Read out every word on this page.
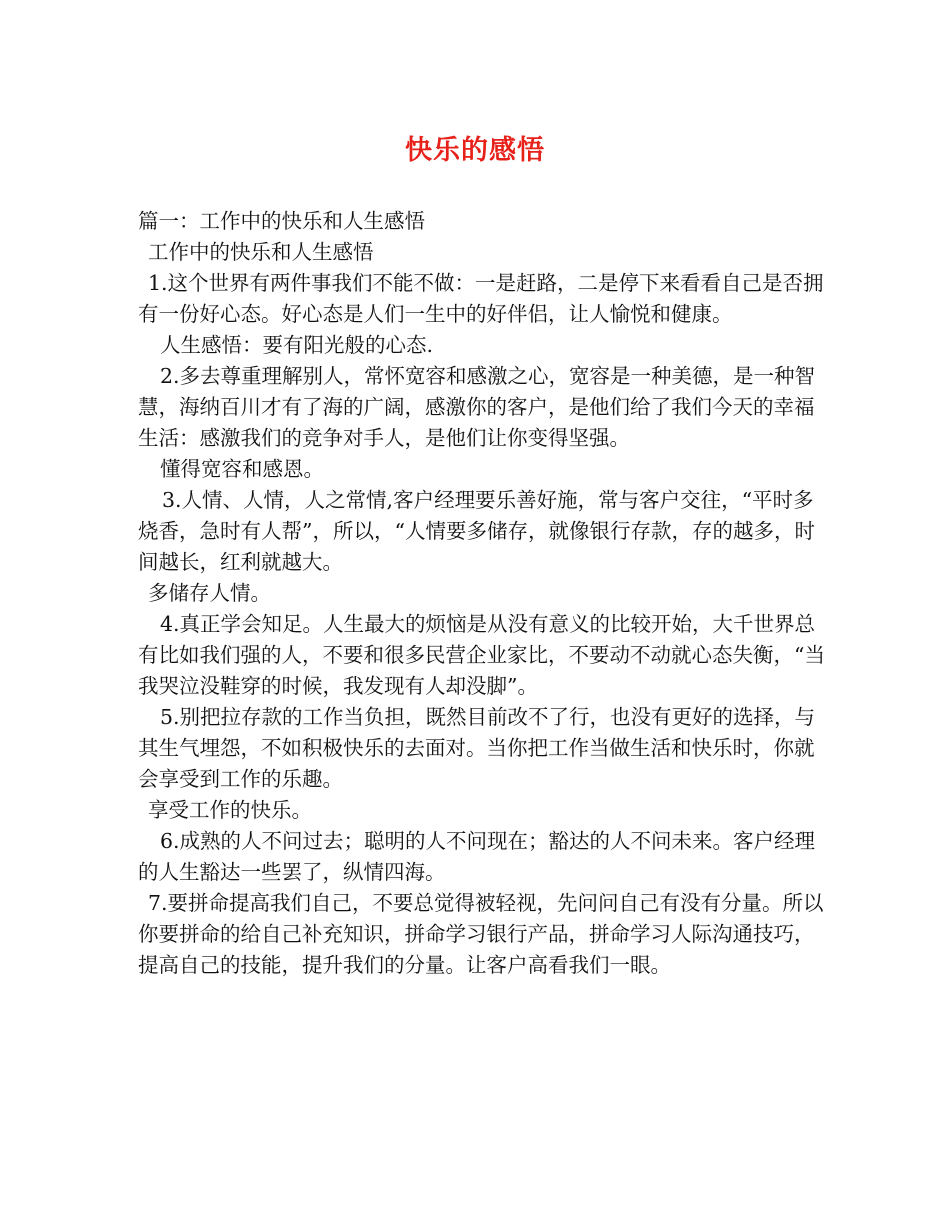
快乐的感悟

篇一：工作中的快乐和人生感悟

工作中的快乐和人生感悟

1.这个世界有两件事我们不能不做：一是赶路，二是停下来看看自己是否拥有一份好心态。好心态是人们一生中的好伴侣，让人愉悦和健康。

人生感悟：要有阳光般的心态.

2.多去尊重理解别人，常怀宽容和感激之心，宽容是一种美德，是一种智慧，海纳百川才有了海的广阔，感激你的客户，是他们给了我们今天的幸福生活：感激我们的竞争对手人，是他们让你变得坚强。

懂得宽容和感恩。

3.人情、人情，人之常情,客户经理要乐善好施，常与客户交往，“平时多烧香，急时有人帮”，所以，“人情要多储存，就像银行存款，存的越多，时间越长，红利就越大。

多储存人情。

4.真正学会知足。人生最大的烦恼是从没有意义的比较开始，大千世界总有比如我们强的人，不要和很多民营企业家比，不要动不动就心态失衡，“当我哭泣没鞋穿的时候，我发现有人却没脚”。

5.别把拉存款的工作当负担，既然目前改不了行，也没有更好的选择，与其生气埋怨，不如积极快乐的去面对。当你把工作当做生活和快乐时，你就会享受到工作的乐趣。

享受工作的快乐。

6.成熟的人不问过去；聪明的人不问现在；豁达的人不问未来。客户经理的人生豁达一些罢了，纵情四海。

7.要拼命提高我们自己，不要总觉得被轻视，先问问自己有没有分量。所以你要拼命的给自己补充知识，拼命学习银行产品，拼命学习人际沟通技巧，提高自己的技能，提升我们的分量。让客户高看我们一眼。
